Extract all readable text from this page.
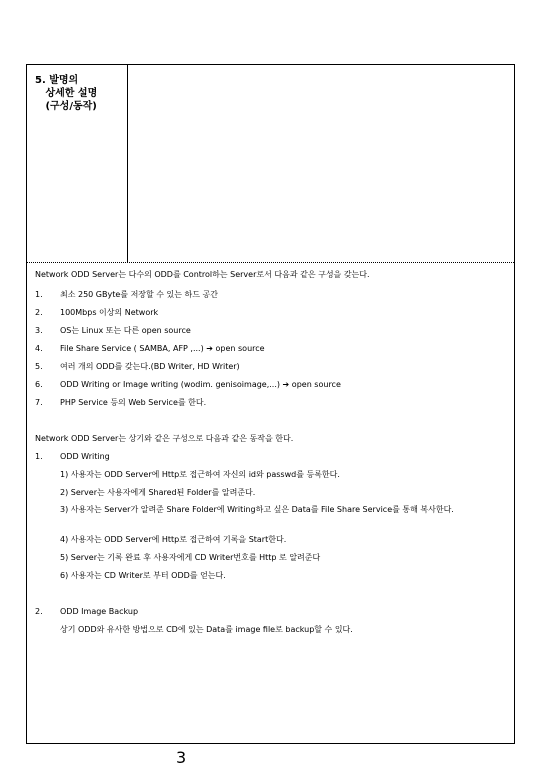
5. 발명의
상세한 설명
(구성/동작)
Network ODD Server는 다수의 ODD를 Control하는 Server로서 다음과 같은 구성을 갖는다.
1. 최소 250 GByte를 저장할 수 있는 하드 공간
2. 100Mbps 이상의 Network
3. OS는 Linux 또는 다른 open source
4. File Share Service ( SAMBA, AFP ,...) ➔ open source
5. 여러 개의 ODD를 갖는다.(BD Writer, HD Writer)
6. ODD Writing or Image writing (wodim. genisoimage,...) ➔ open source
7. PHP Service 등의 Web Service를 한다.
Network ODD Server는 상기와 같은 구성으로 다음과 같은 동작을 한다.
1. ODD Writing
1) 사용자는 ODD Server에 Http로 접근하여 자신의 id와 passwd를 등록한다.
2) Server는 사용자에게 Shared된 Folder를 알려준다.
3) 사용자는 Server가 알려준 Share Folder에 Writing하고 싶은 Data를 File Share Service를 통해 복사한다.
4) 사용자는 ODD Server에 Http로 접근하여 기록을 Start한다.
5) Server는 기록 완료 후 사용자에게 CD Writer번호를 Http 로 알려준다
6) 사용자는 CD Writer로 부터 ODD를 얻는다.
2. ODD Image Backup
상기 ODD와 유사한 방법으로 CD에 있는 Data를 image file로 backup할 수 있다.
3
